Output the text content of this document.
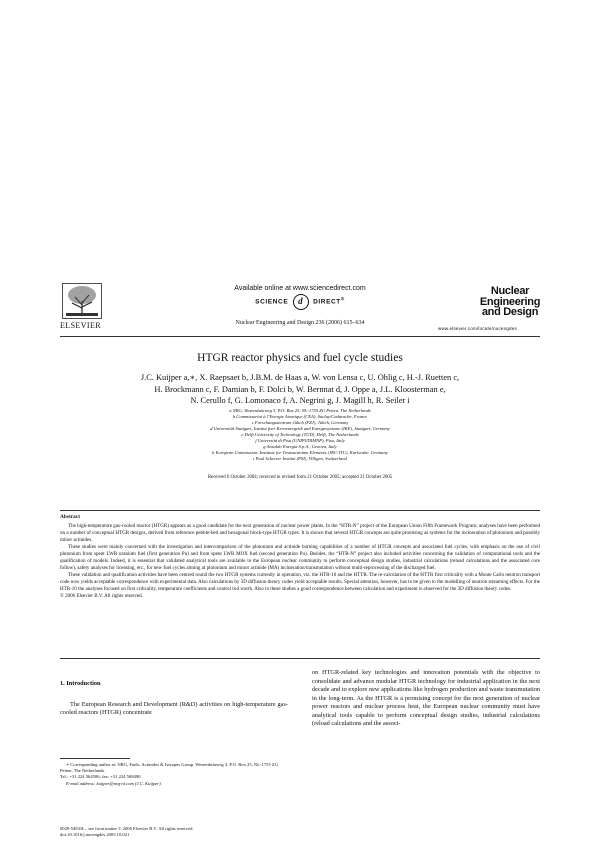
ELSEVIER
Available online at www.sciencedirect.com
SCIENCE d DIRECT®
Nuclear Engineering and Design 236 (2006) 615–634
Nuclear
Engineering
and Design
www.elsevier.com/locate/nucengdes
HTGR reactor physics and fuel cycle studies
J.C. Kuijper a,∗, X. Raepsaet b, J.B.M. de Haas a, W. von Lensa c, U. Ohlig c, H.-J. Ruetten c,
H. Brockmann c, F. Damian b, F. Dolci b, W. Bernnat d, J. Oppe a, J.L. Kloosterman e,
N. Cerullo f, G. Lomonaco f, A. Negrini g, J. Magill h, R. Seiler i
a NRG, Westerduinweg 3, P.O. Box 25, NL-1755 ZG Petten, The Netherlands
b Commissariat à l’Energie Atomique (CEA), Saclay/Cadarache, France
c Forschungszentrum Jülich (FZJ), Jülich, Germany
d Universität Stuttgart, Institut fuer Kernenergetik und Energiesysteme (IKE), Stuttgart, Germany
e Delft University of Technology (TUD), Delft, The Netherlands
f Università di Pisa (UNIPI/DIMNP), Pisa, Italy
g Ansaldo Energia S.p.A., Genova, Italy
h European Commission, Institute for Transuranium Elements (JRC-ITU), Karlsruhe, Germany
i Paul Scherrer Institut (PSI), Villigen, Switzerland
Received 6 October 2004; received in revised form 21 October 2005; accepted 31 October 2005
Abstract

The high-temperature gas-cooled reactor (HTGR) appears as a good candidate for the next generation of nuclear power plants. In the “HTR-N” project of the European Union Fifth Framework Program, analyses have been performed on a number of conceptual HTGR designs, derived from reference pebble-bed and hexagonal block-type HTGR types. It is shown that several HTGR concepts are quite promising as systems for the incineration of plutonium and possibly minor actinides.

These studies were mainly concerned with the investigation and intercomparison of the plutonium and actinide burning capabilities of a number of HTGR concepts and associated fuel cycles, with emphasis on the use of civil plutonium from spent LWR uranium fuel (first generation Pu) and from spent LWR MOX fuel (second generation Pu). Besides, the “HTR-N” project also included activities concerning the validation of computational tools and the qualification of models. Indeed, it is essential that validated analytical tools are available in the European nuclear community to perform conceptual design studies, industrial calculations (reload calculations and the associated core follow), safety analyses for licensing, etc., for new fuel cycles aiming at plutonium and minor actinide (MA) incineration/transmutation without multi-reprocessing of the discharged fuel.

These validation and qualification activities have been centred round the two HTGR systems currently in operation, viz. the HTR-10 and the HTTR. The re-calculation of the HTTR first criticality with a Monte Carlo neutron transport code now yields acceptable correspondence with experimental data. Also calculations by 3D diffusion theory codes yield acceptable results. Special attention, however, has to be given to the modelling of neutron streaming effects. For the HTR-10 the analyses focused on first criticality, temperature coefficients and control rod worth. Also in these studies a good correspondence between calculation and experiment is observed for the 3D diffusion theory codes.

© 2006 Elsevier B.V. All rights reserved.

1. Introduction

The European Research and Development (R&D) activities on high-temperature gas-cooled reactors (HTGR) concentrate

on HTGR-related key technologies and innovation potentials with the objective to consolidate and advance modular HTGR technology for industrial application in the next decade and to explore new applications like hydrogen production and waste transmutation in the long-term. As the HTGR is a promising concept for the next generation of nuclear power reactors and nuclear process heat, the European nuclear community must have analytical tools capable to perform conceptual design studies, industrial calculations (reload calculations and the associ-

∗ Corresponding author at: NRG, Fuels, Actinides & Isotopes Group, Westerduinweg 3, P.O. Box 25, NL-1755 ZG Petten, The Netherlands.

Tel.: +31 224 564506; fax: +31 224 568490.

E-mail address: kuijper@nrg-nl.com (J.C. Kuijper).

0029-5493/$ – see front matter © 2006 Elsevier B.V. All rights reserved.

doi:10.1016/j.nucengdes.2005.10.021
